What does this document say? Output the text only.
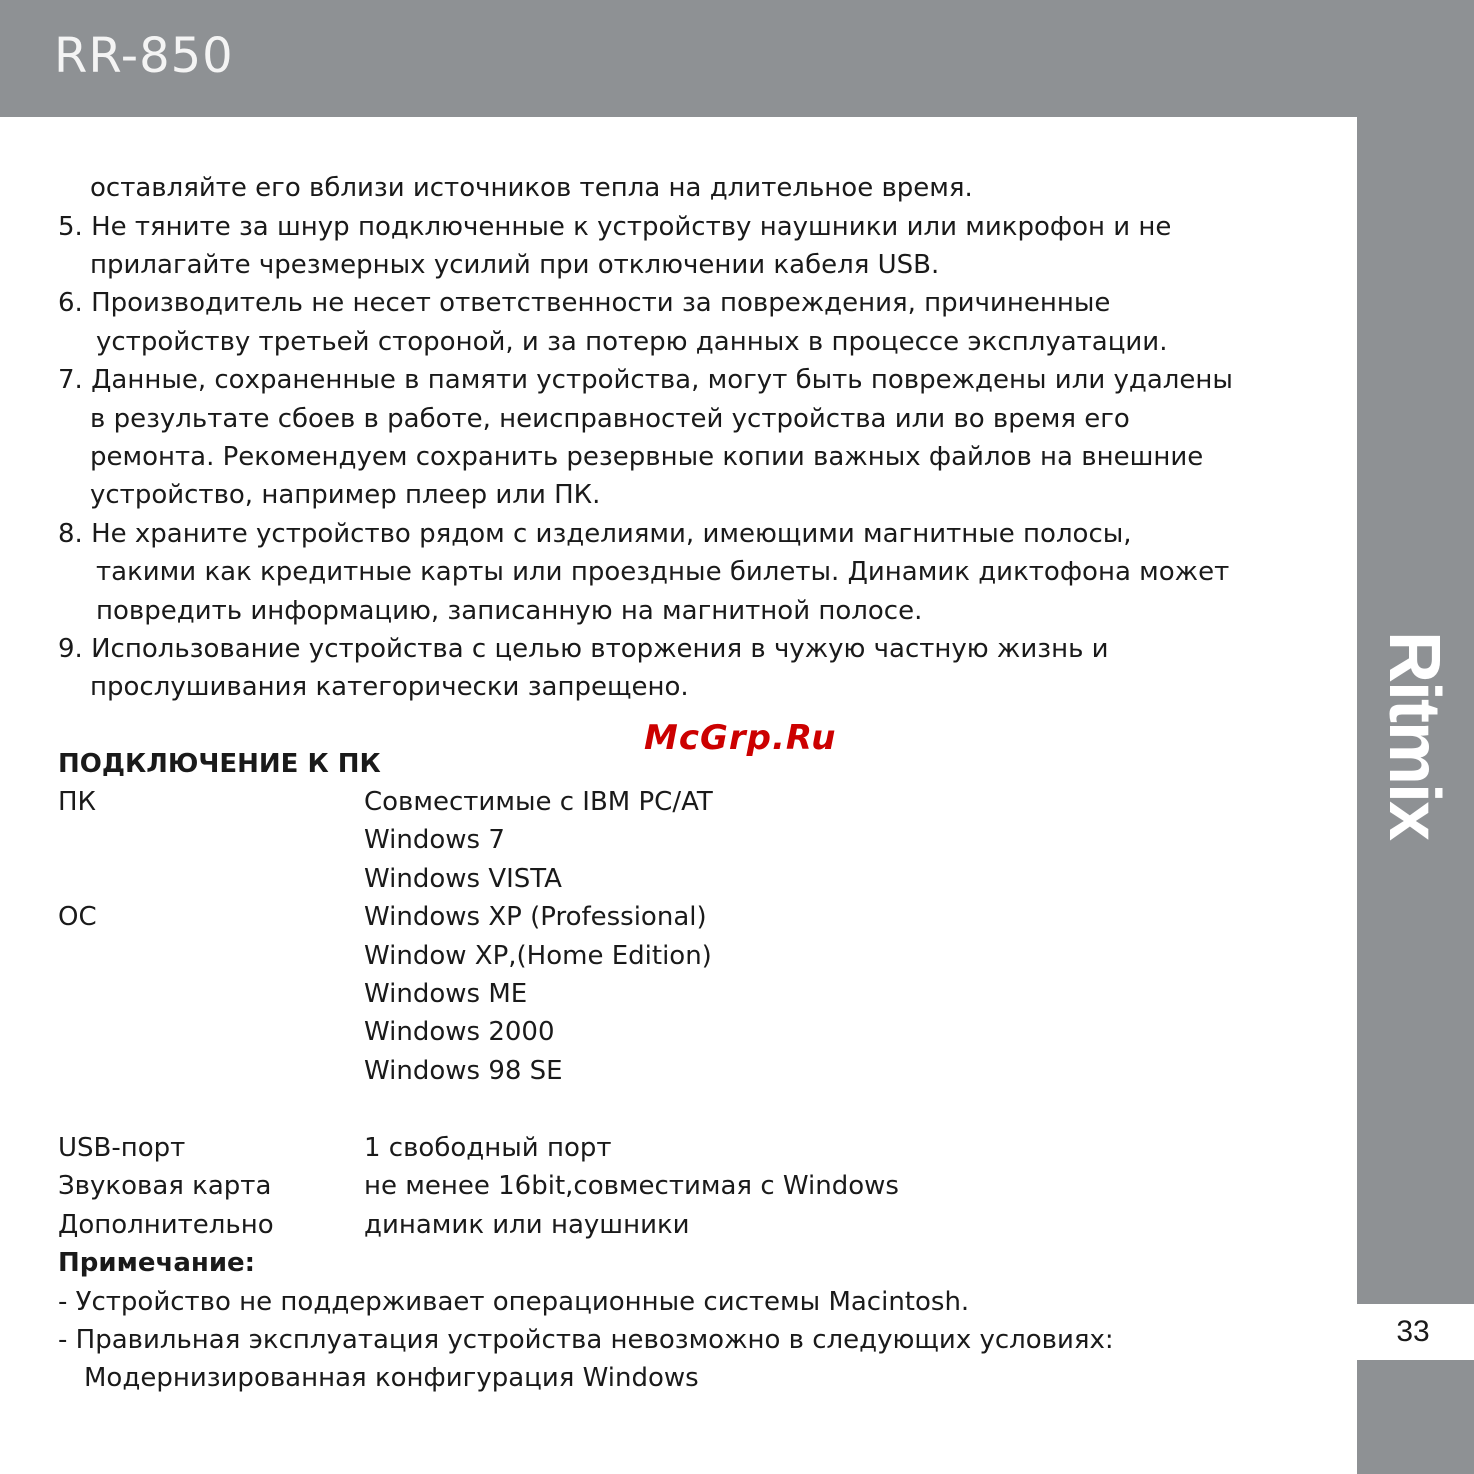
RR-850
33
Ritmix
McGrp.Ru
оставляйте его вблизи источников тепла на длительное время.
5. Не тяните за шнур подключенные к устройству наушники или микрофон и не
прилагайте чрезмерных усилий при отключении кабеля USB.
6. Производитель не несет ответственности за повреждения, причиненные
устройству третьей стороной, и за потерю данных в процессе эксплуатации.
7. Данные, сохраненные в памяти устройства, могут быть повреждены или удалены
в результате сбоев в работе, неисправностей устройства или во время его
ремонта. Рекомендуем сохранить резервные копии важных файлов на внешние
устройство, например плеер или ПК.
8. Не храните устройство рядом с изделиями, имеющими магнитные полосы,
такими как кредитные карты или проездные билеты. Динамик диктофона может
повредить информацию, записанную на магнитной полосе.
9. Использование устройства с целью вторжения в чужую частную жизнь и
прослушивания категорически запрещено.
ПОДКЛЮЧЕНИЕ К ПК
ПК	Совместимые с IBM PC/AT
Windows 7
Windows VISTA
ОС	Windows XP (Professional)
Window XP,(Home Edition)
Windows ME
Windows 2000
Windows 98 SE
USB-порт	1 свободный порт
Звуковая карта	не менее 16bit,совместимая с Windows
Дополнительно	динамик или наушники
Примечание:
- Устройство не поддерживает операционные системы Macintosh.
- Правильная эксплуатация устройства невозможно в следующих условиях:
Модернизированная конфигурация Windows
